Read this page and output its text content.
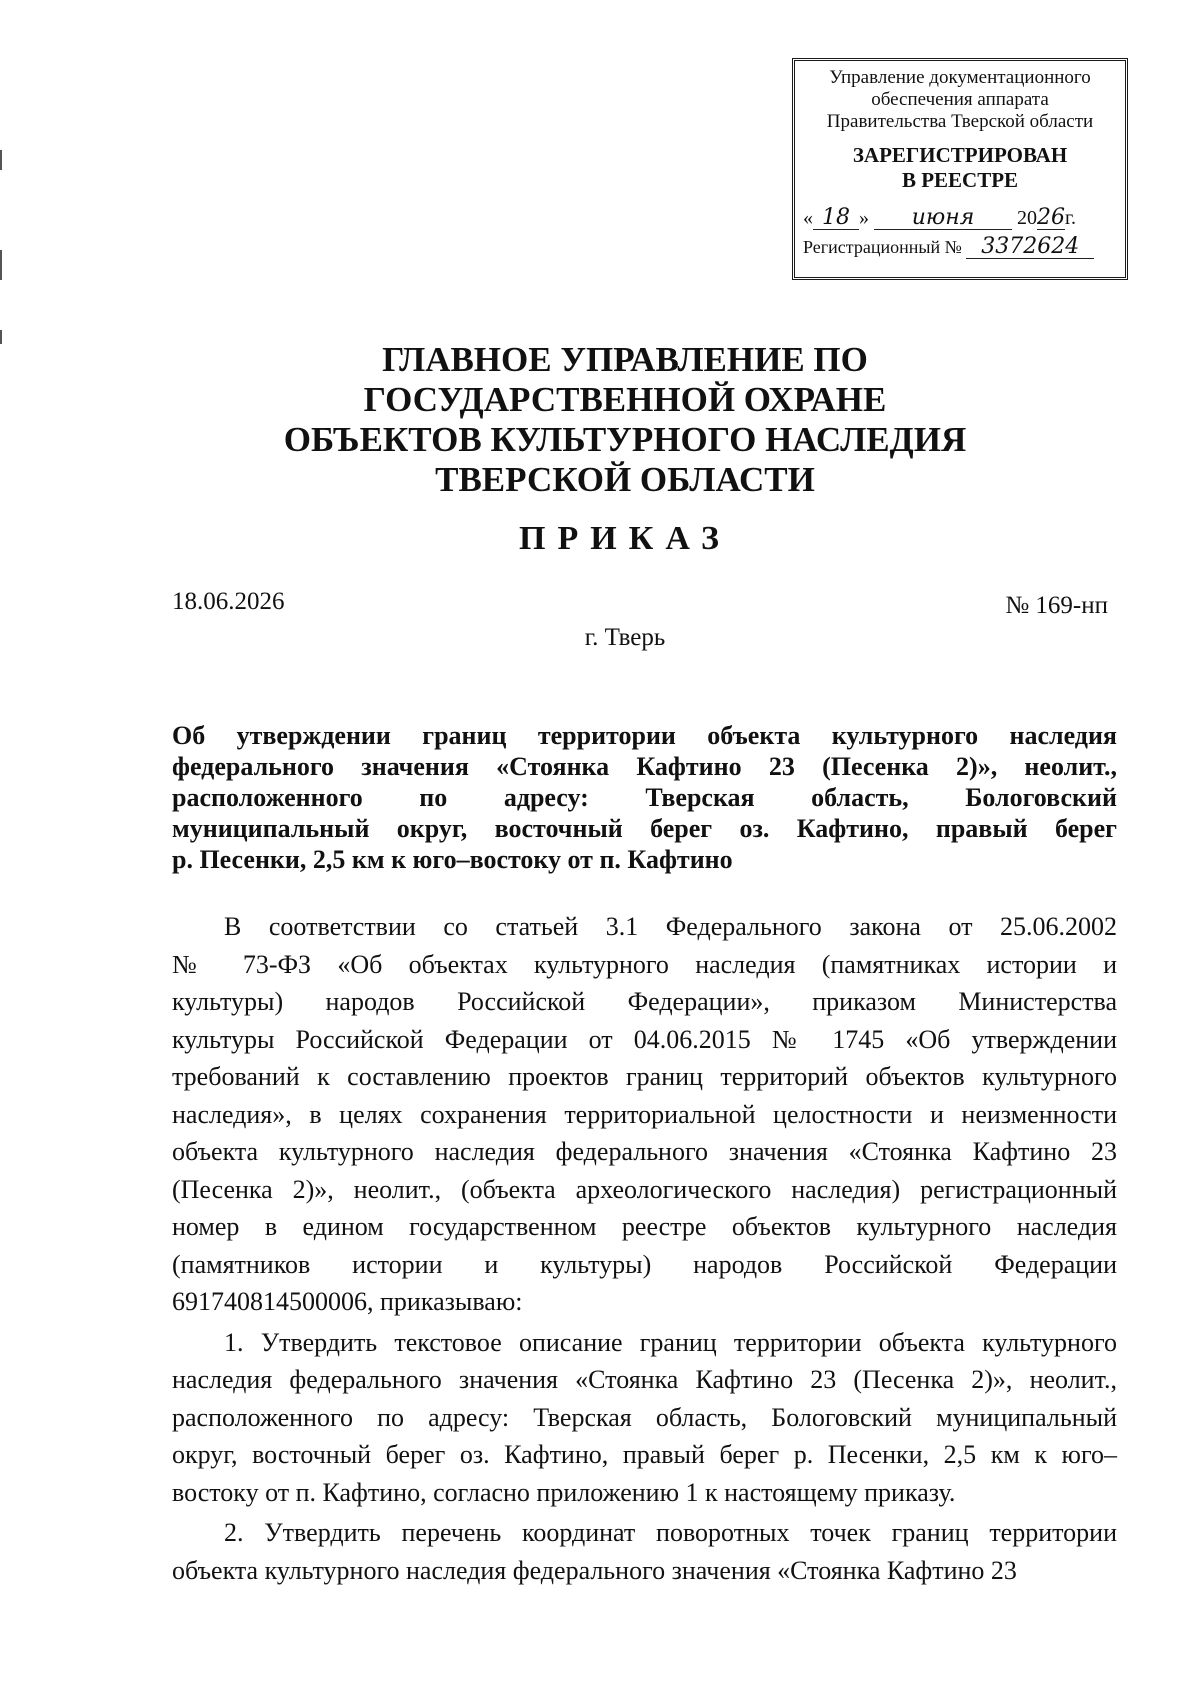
Управление документационного
обеспечения аппарата
Правительства Тверской области
ЗАРЕГИСТРИРОВАН
В РЕЕСТРЕ
« 18 » июня 2026г.
Регистрационный № 3372624
ГЛАВНОЕ УПРАВЛЕНИЕ ПО
ГОСУДАРСТВЕННОЙ ОХРАНЕ
ОБЪЕКТОВ КУЛЬТУРНОГО НАСЛЕДИЯ
ТВЕРСКОЙ ОБЛАСТИ
ПРИКАЗ
18.06.2026	№ 169-нп
г. Тверь
Об утверждении границ территории объекта культурного наследия
федерального значения «Стоянка Кафтино 23 (Песенка 2)», неолит.,
расположенного по адресу: Тверская область, Бологовский
муниципальный округ, восточный берег оз. Кафтино, правый берег
р. Песенки, 2,5 км к юго–востоку от п. Кафтино

В соответствии со статьей 3.1 Федерального закона от 25.06.2002
№ 73-ФЗ «Об объектах культурного наследия (памятниках истории и
культуры) народов Российской Федерации», приказом Министерства
культуры Российской Федерации от 04.06.2015 № 1745 «Об утверждении
требований к составлению проектов границ территорий объектов культурного
наследия», в целях сохранения территориальной целостности и неизменности
объекта культурного наследия федерального значения «Стоянка Кафтино 23
(Песенка 2)», неолит., (объекта археологического наследия) регистрационный
номер в едином государственном реестре объектов культурного наследия
(памятников истории и культуры) народов Российской Федерации
691740814500006, приказываю:

1. Утвердить текстовое описание границ территории объекта культурного
наследия федерального значения «Стоянка Кафтино 23 (Песенка 2)», неолит.,
расположенного по адресу: Тверская область, Бологовский муниципальный
округ, восточный берег оз. Кафтино, правый берег р. Песенки, 2,5 км к юго–
востоку от п. Кафтино, согласно приложению 1 к настоящему приказу.

2. Утвердить перечень координат поворотных точек границ территории
объекта культурного наследия федерального значения «Стоянка Кафтино 23
